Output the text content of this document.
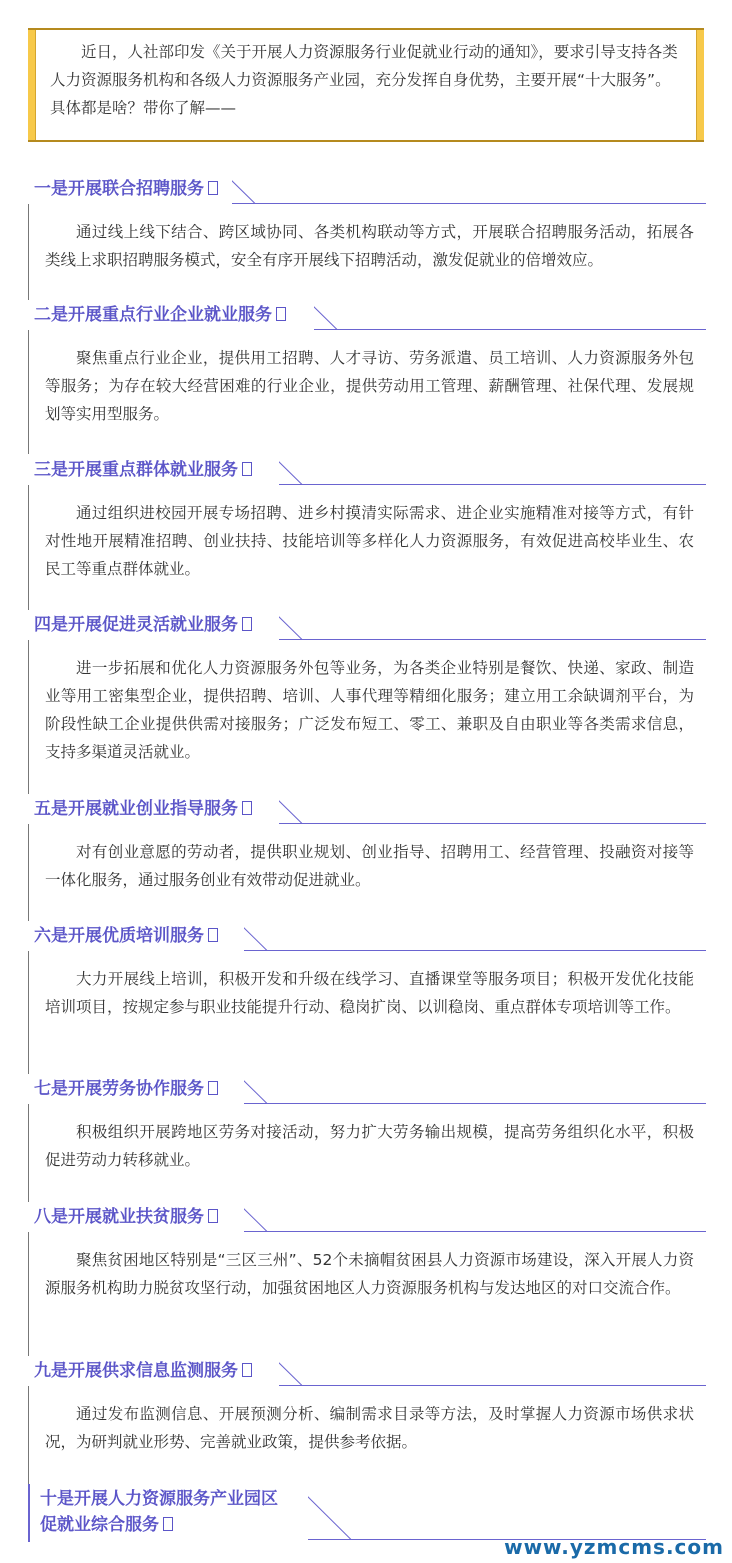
近日，人社部印发《关于开展人力资源服务行业促就业行动的通知》，要求引导支持各类人力资源服务机构和各级人力资源服务产业园，充分发挥自身优势，主要开展“十大服务”。具体都是啥？带你了解——

一是开展联合招聘服务

通过线上线下结合、跨区域协同、各类机构联动等方式，开展联合招聘服务活动，拓展各类线上求职招聘服务模式，安全有序开展线下招聘活动，激发促就业的倍增效应。

二是开展重点行业企业就业服务

聚焦重点行业企业，提供用工招聘、人才寻访、劳务派遣、员工培训、人力资源服务外包等服务；为存在较大经营困难的行业企业，提供劳动用工管理、薪酬管理、社保代理、发展规划等实用型服务。

三是开展重点群体就业服务

通过组织进校园开展专场招聘、进乡村摸清实际需求、进企业实施精准对接等方式，有针对性地开展精准招聘、创业扶持、技能培训等多样化人力资源服务，有效促进高校毕业生、农民工等重点群体就业。

四是开展促进灵活就业服务

进一步拓展和优化人力资源服务外包等业务，为各类企业特别是餐饮、快递、家政、制造业等用工密集型企业，提供招聘、培训、人事代理等精细化服务；建立用工余缺调剂平台，为阶段性缺工企业提供供需对接服务；广泛发布短工、零工、兼职及自由职业等各类需求信息，支持多渠道灵活就业。

五是开展就业创业指导服务

对有创业意愿的劳动者，提供职业规划、创业指导、招聘用工、经营管理、投融资对接等一体化服务，通过服务创业有效带动促进就业。

六是开展优质培训服务

大力开展线上培训，积极开发和升级在线学习、直播课堂等服务项目；积极开发优化技能培训项目，按规定参与职业技能提升行动、稳岗扩岗、以训稳岗、重点群体专项培训等工作。

七是开展劳务协作服务

积极组织开展跨地区劳务对接活动，努力扩大劳务输出规模，提高劳务组织化水平，积极促进劳动力转移就业。

八是开展就业扶贫服务

聚焦贫困地区特别是“三区三州”、52个未摘帽贫困县人力资源市场建设，深入开展人力资源服务机构助力脱贫攻坚行动，加强贫困地区人力资源服务机构与发达地区的对口交流合作。

九是开展供求信息监测服务

通过发布监测信息、开展预测分析、编制需求目录等方法，及时掌握人力资源市场供求状况，为研判就业形势、完善就业政策，提供参考依据。

十是开展人力资源服务产业园区
促就业综合服务
www.yzmcms.com
